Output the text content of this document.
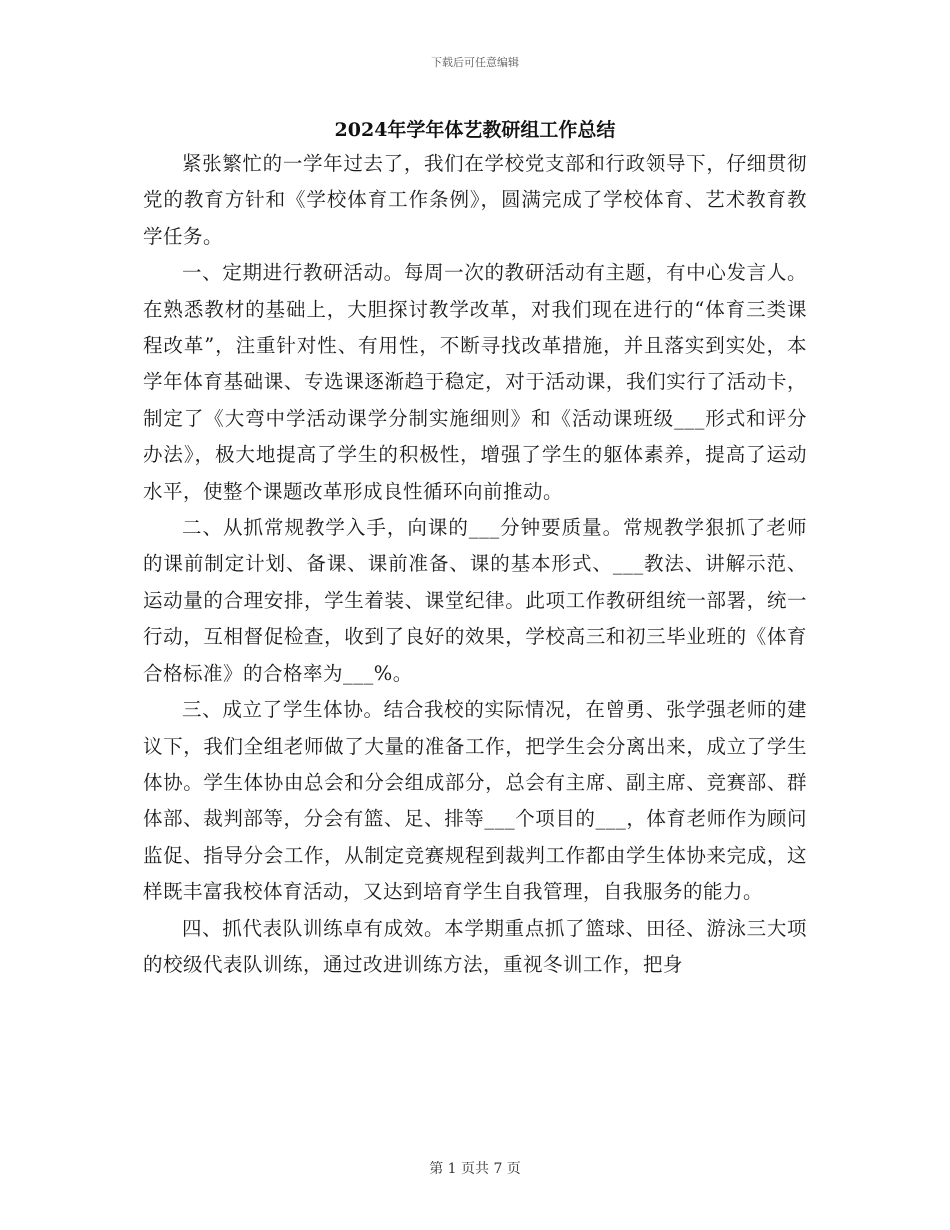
下载后可任意编辑
2024年学年体艺教研组工作总结

紧张繁忙的一学年过去了，我们在学校党支部和行政领导下，仔细贯彻党的教育方针和《学校体育工作条例》，圆满完成了学校体育、艺术教育教学任务。

一、定期进行教研活动。每周一次的教研活动有主题，有中心发言人。在熟悉教材的基础上，大胆探讨教学改革，对我们现在进行的“体育三类课程改革”，注重针对性、有用性，不断寻找改革措施，并且落实到实处，本学年体育基础课、专选课逐渐趋于稳定，对于活动课，我们实行了活动卡，制定了《大弯中学活动课学分制实施细则》和《活动课班级___形式和评分办法》，极大地提高了学生的积极性，增强了学生的躯体素养，提高了运动水平，使整个课题改革形成良性循环向前推动。

二、从抓常规教学入手，向课的___分钟要质量。常规教学狠抓了老师的课前制定计划、备课、课前准备、课的基本形式、___教法、讲解示范、运动量的合理安排，学生着装、课堂纪律。此项工作教研组统一部署，统一行动，互相督促检查，收到了良好的效果，学校高三和初三毕业班的《体育合格标准》的合格率为___%。

三、成立了学生体协。结合我校的实际情况，在曾勇、张学强老师的建议下，我们全组老师做了大量的准备工作，把学生会分离出来，成立了学生体协。学生体协由总会和分会组成部分，总会有主席、副主席、竞赛部、群体部、裁判部等，分会有篮、足、排等___个项目的___，体育老师作为顾问监促、指导分会工作，从制定竞赛规程到裁判工作都由学生体协来完成，这样既丰富我校体育活动，又达到培育学生自我管理，自我服务的能力。

四、抓代表队训练卓有成效。本学期重点抓了篮球、田径、游泳三大项的校级代表队训练，通过改进训练方法，重视冬训工作，把身

第 1 页共 7 页
